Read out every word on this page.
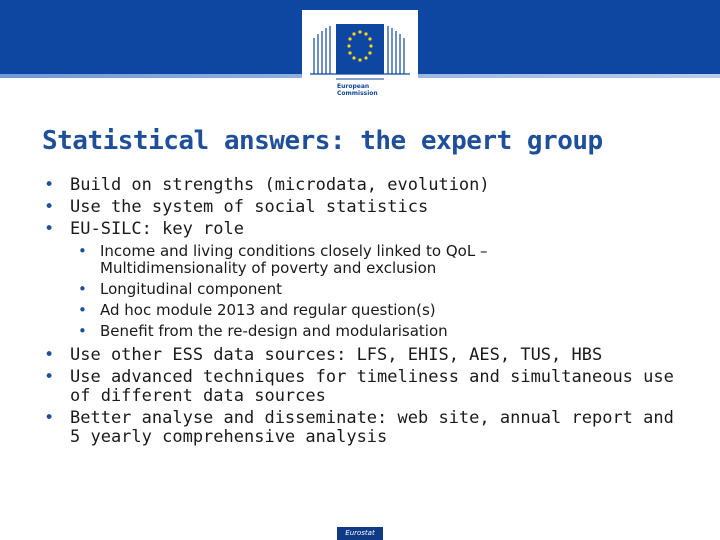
European
Commission
Statistical answers: the expert group
• Build on strengths (microdata, evolution)
• Use the system of social statistics
• EU-SILC: key role
• Income and living conditions closely linked to QoL – Multidimensionality of poverty and exclusion
• Longitudinal component
• Ad hoc module 2013 and regular question(s)
• Benefit from the re-design and modularisation
• Use other ESS data sources: LFS, EHIS, AES, TUS, HBS
• Use advanced techniques for timeliness and simultaneous use of different data sources
• Better analyse and disseminate: web site, annual report and 5 yearly comprehensive analysis
Eurostat
